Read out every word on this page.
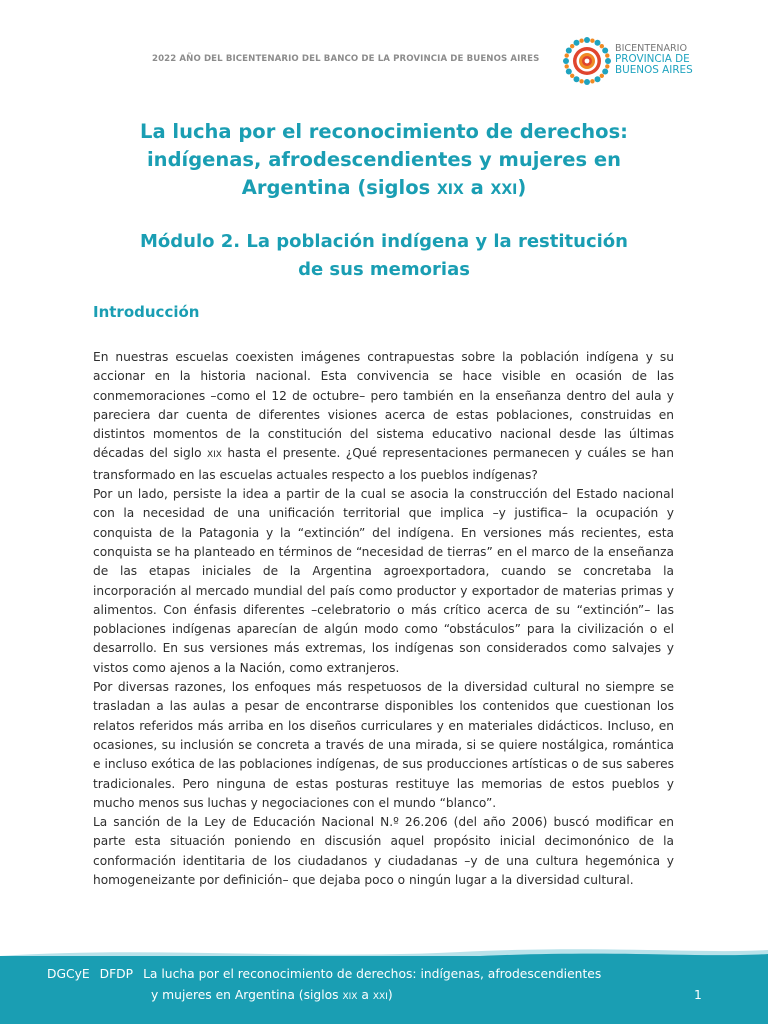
2022 AÑO DEL BICENTENARIO DEL BANCO DE LA PROVINCIA DE BUENOS AIRES
BICENTENARIO
PROVINCIA DE
BUENOS AIRES
La lucha por el reconocimiento de derechos:
indígenas, afrodescendientes y mujeres en
Argentina (siglos XIX a XXI)
Módulo 2. La población indígena y la restitución
de sus memorias
Introducción

En nuestras escuelas coexisten imágenes contrapuestas sobre la población indígena y su accionar en la historia nacional. Esta convivencia se hace visible en ocasión de las conmemoraciones –como el 12 de octubre– pero también en la enseñanza dentro del aula y pareciera dar cuenta de diferentes visiones acerca de estas poblaciones, construidas en distintos momentos de la constitución del sistema educativo nacional desde las últimas décadas del siglo XIX hasta el presente. ¿Qué representaciones permanecen y cuáles se han transformado en las escuelas actuales respecto a los pueblos indígenas?

Por un lado, persiste la idea a partir de la cual se asocia la construcción del Estado nacional con la necesidad de una unificación territorial que implica –y justifica– la ocupación y conquista de la Patagonia y la “extinción” del indígena. En versiones más recientes, esta conquista se ha planteado en términos de “necesidad de tierras” en el marco de la enseñanza de las etapas iniciales de la Argentina agroexportadora, cuando se concretaba la incorporación al mercado mundial del país como productor y exportador de materias primas y alimentos. Con énfasis diferentes –celebratorio o más crítico acerca de su “extinción”– las poblaciones indígenas aparecían de algún modo como “obstáculos” para la civilización o el desarrollo. En sus versiones más extremas, los indígenas son considerados como salvajes y vistos como ajenos a la Nación, como extranjeros.

Por diversas razones, los enfoques más respetuosos de la diversidad cultural no siempre se trasladan a las aulas a pesar de encontrarse disponibles los contenidos que cuestionan los relatos referidos más arriba en los diseños curriculares y en materiales didácticos. Incluso, en ocasiones, su inclusión se concreta a través de una mirada, si se quiere nostálgica, romántica e incluso exótica de las poblaciones indígenas, de sus producciones artísticas o de sus saberes tradicionales. Pero ninguna de estas posturas restituye las memorias de estos pueblos y mucho menos sus luchas y negociaciones con el mundo “blanco”.

La sanción de la Ley de Educación Nacional N.º 26.206 (del año 2006) buscó modificar en parte esta situación poniendo en discusión aquel propósito inicial decimonónico de la conformación identitaria de los ciudadanos y ciudadanas –y de una cultura hegemónica y homogeneizante por definición– que dejaba poco o ningún lugar a la diversidad cultural.

DGCyE DFDP La lucha por el reconocimiento de derechos: indígenas, afrodescendientes
y mujeres en Argentina (siglos XIX a XXI)	1
